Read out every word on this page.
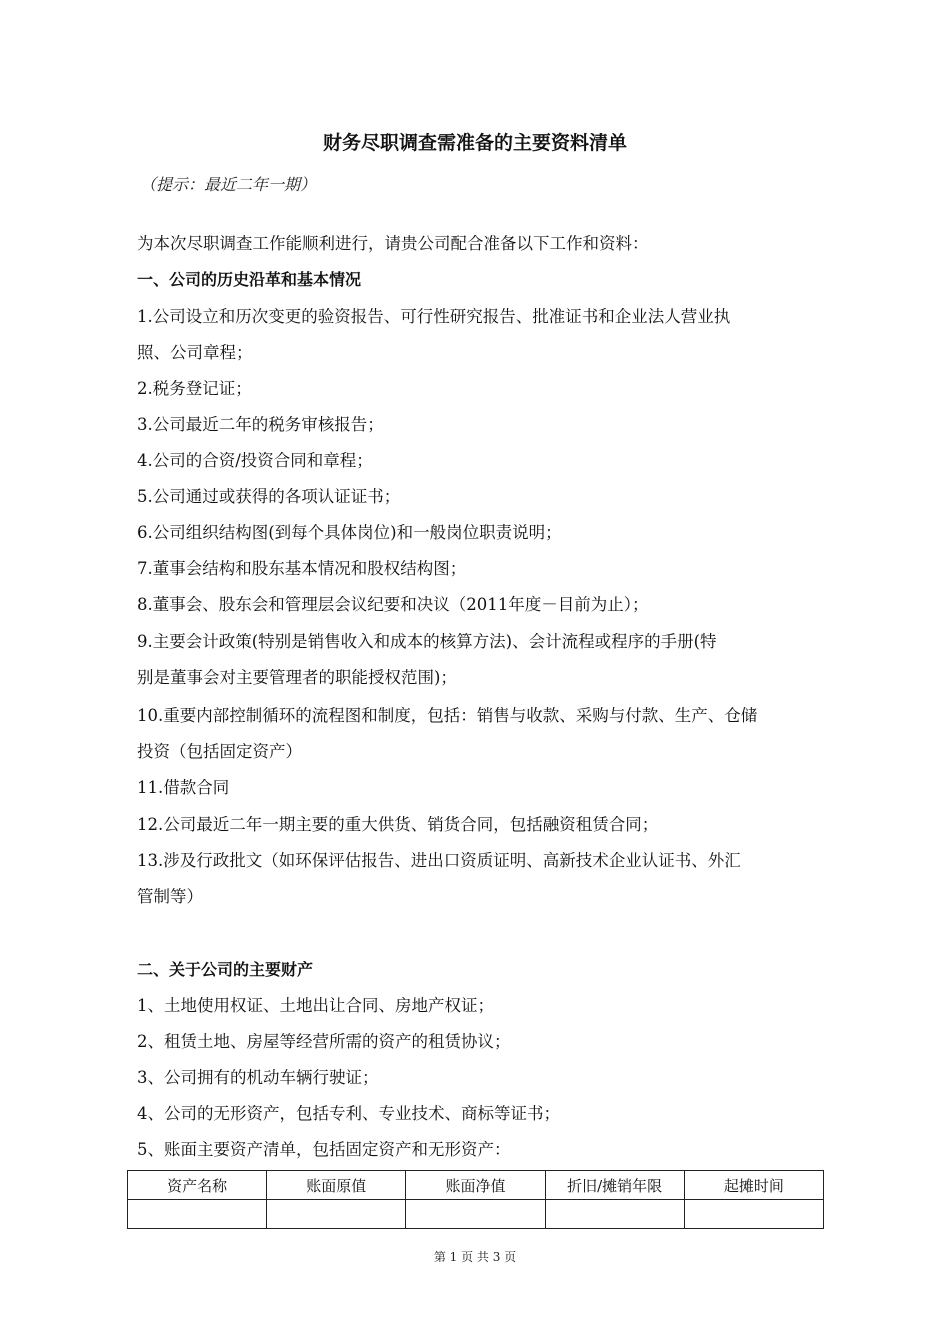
财务尽职调查需准备的主要资料清单
（提示：最近二年一期）
为本次尽职调查工作能顺利进行，请贵公司配合准备以下工作和资料：
一、公司的历史沿革和基本情况
1.公司设立和历次变更的验资报告、可行性研究报告、批准证书和企业法人营业执
照、公司章程；
2.税务登记证；
3.公司最近二年的税务审核报告；
4.公司的合资/投资合同和章程；
5.公司通过或获得的各项认证证书；
6.公司组织结构图(到每个具体岗位)和一般岗位职责说明；
7.董事会结构和股东基本情况和股权结构图；
8.董事会、股东会和管理层会议纪要和决议（2011年度－目前为止）；
9.主要会计政策(特别是销售收入和成本的核算方法)、会计流程或程序的手册(特
别是董事会对主要管理者的职能授权范围)；
10.重要内部控制循环的流程图和制度，包括：销售与收款、采购与付款、生产、仓储
投资（包括固定资产）
11.借款合同
12.公司最近二年一期主要的重大供货、销货合同，包括融资租赁合同；
13.涉及行政批文（如环保评估报告、进出口资质证明、高新技术企业认证书、外汇
管制等）
二、关于公司的主要财产
1、土地使用权证、土地出让合同、房地产权证；
2、租赁土地、房屋等经营所需的资产的租赁协议；
3、公司拥有的机动车辆行驶证；
4、公司的无形资产，包括专利、专业技术、商标等证书；
5、账面主要资产清单，包括固定资产和无形资产：
资产名称	账面原值	账面净值	折旧/摊销年限	起摊时间

第 1 页 共 3 页
